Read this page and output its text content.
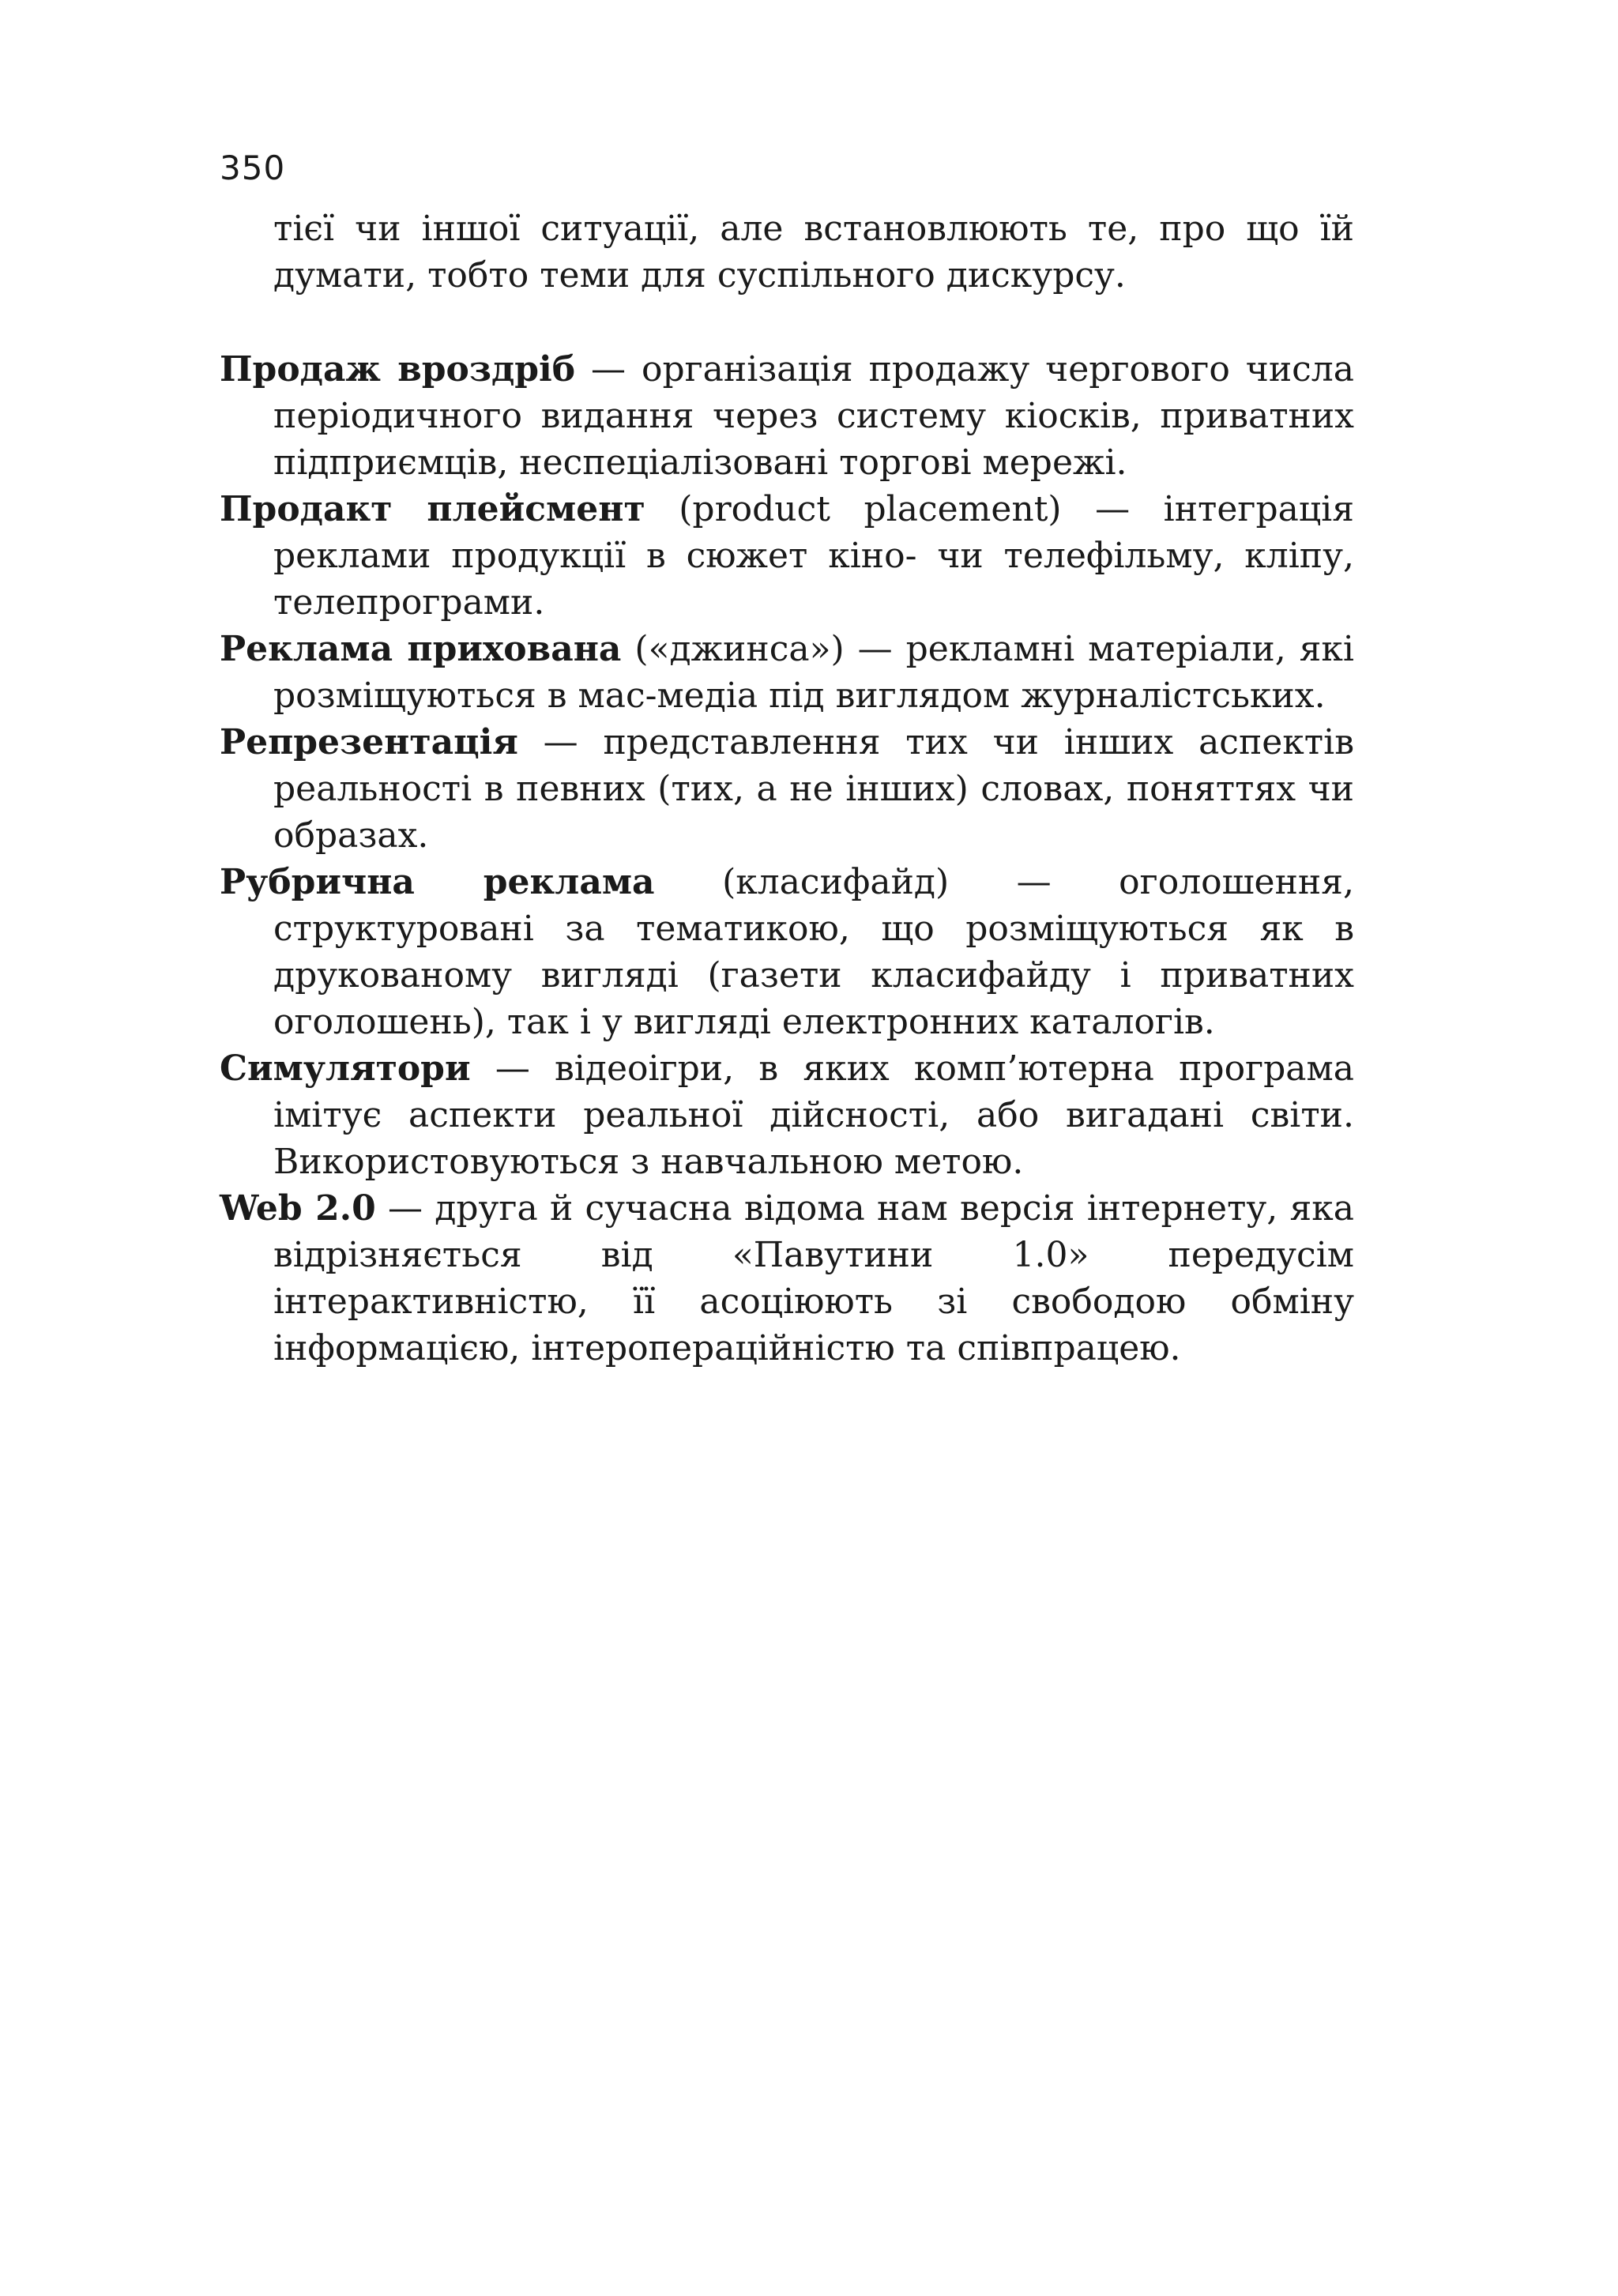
350

тієї чи іншої ситуації, але встановлюють те, про що їй думати, тобто теми для суспільного дискурсу.

Продаж вроздріб — організація продажу чергового числа періодичного видання через систему кіосків, приватних підприємців, неспеціалізовані торгові мережі.

Продакт плейсмент (product placement) — інтеграція реклами продукції в сюжет кіно- чи телефільму, кліпу, телепрограми.

Реклама прихована («джинса») — рекламні матеріали, які розміщуються в мас-медіа під виглядом журналістських.

Репрезентація — представлення тих чи інших аспектів реальності в певних (тих, а не інших) словах, поняттях чи образах.

Рубрична реклама (класифайд) — оголошення, структуровані за тематикою, що розміщуються як в друкованому вигляді (газети класифайду і приватних оголошень), так і у вигляді електронних каталогів.

Симулятори — відеоігри, в яких комп’ютерна програма імітує аспекти реальної дійсності, або вигадані світи. Використовуються з навчальною метою.

Web 2.0 — друга й сучасна відома нам версія інтернету, яка відрізняється від «Павутини 1.0» передусім інтерактивністю, її асоціюють зі свободою обміну інформацією, інтеропераційністю та співпрацею.
